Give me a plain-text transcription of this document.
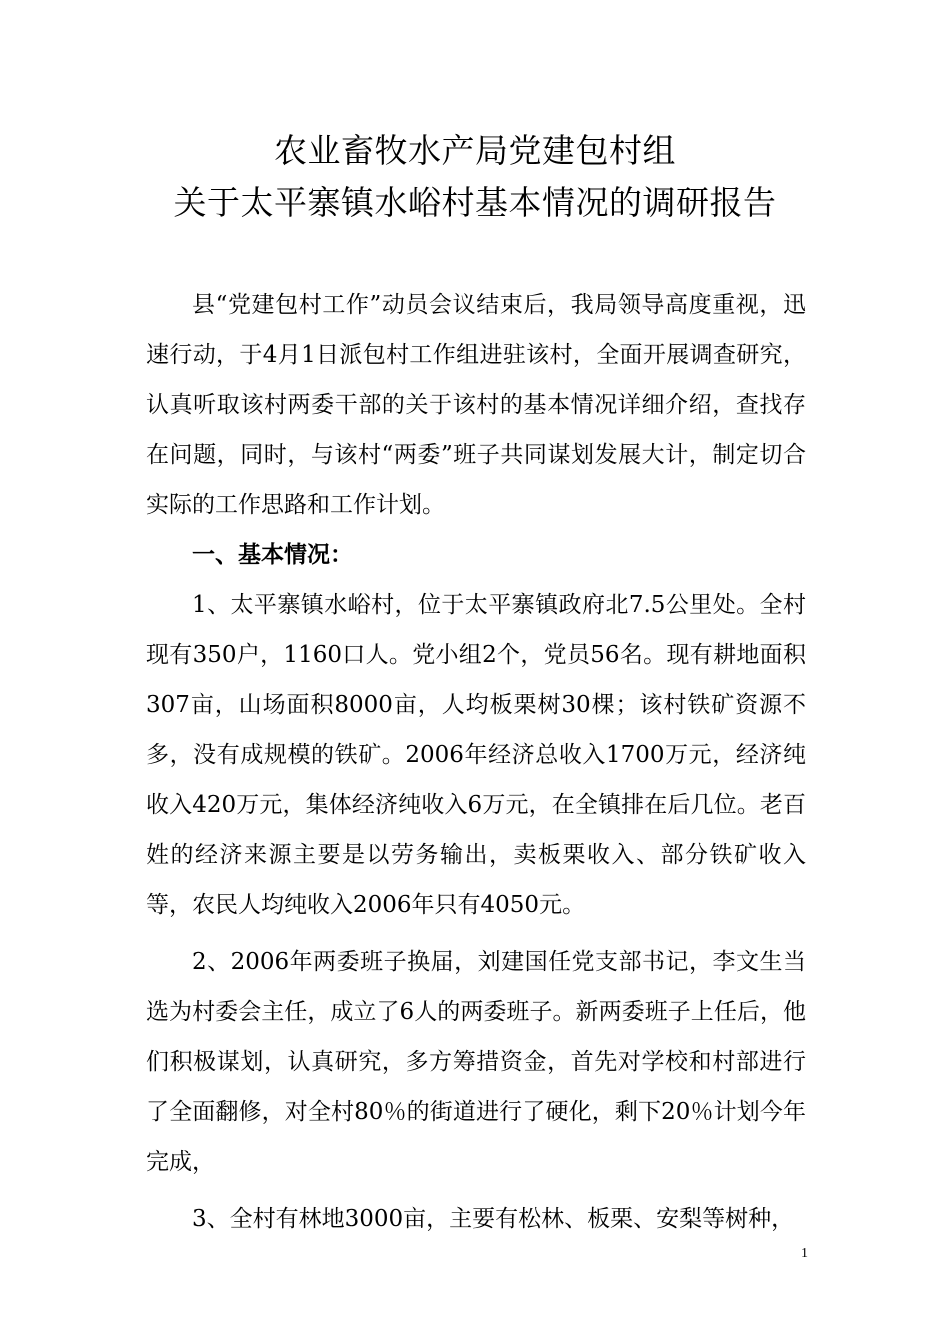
农业畜牧水产局党建包村组
关于太平寨镇水峪村基本情况的调研报告

县“党建包村工作”动员会议结束后，我局领导高度重视，迅速行动，于4月1日派包村工作组进驻该村，全面开展调查研究，认真听取该村两委干部的关于该村的基本情况详细介绍，查找存在问题，同时，与该村“两委”班子共同谋划发展大计，制定切合实际的工作思路和工作计划。

一、基本情况：

1、太平寨镇水峪村，位于太平寨镇政府北7.5公里处。全村现有350户，1160口人。党小组2个，党员56名。现有耕地面积307亩，山场面积8000亩，人均板栗树30棵；该村铁矿资源不多，没有成规模的铁矿。2006年经济总收入1700万元，经济纯收入420万元，集体经济纯收入6万元，在全镇排在后几位。老百姓的经济来源主要是以劳务输出，卖板栗收入、部分铁矿收入等，农民人均纯收入2006年只有4050元。

2、2006年两委班子换届，刘建国任党支部书记，李文生当选为村委会主任，成立了6人的两委班子。新两委班子上任后，他们积极谋划，认真研究，多方筹措资金，首先对学校和村部进行了全面翻修，对全村80％的街道进行了硬化，剩下20％计划今年完成，

3、全村有林地3000亩，主要有松林、板栗、安梨等树种，

1
